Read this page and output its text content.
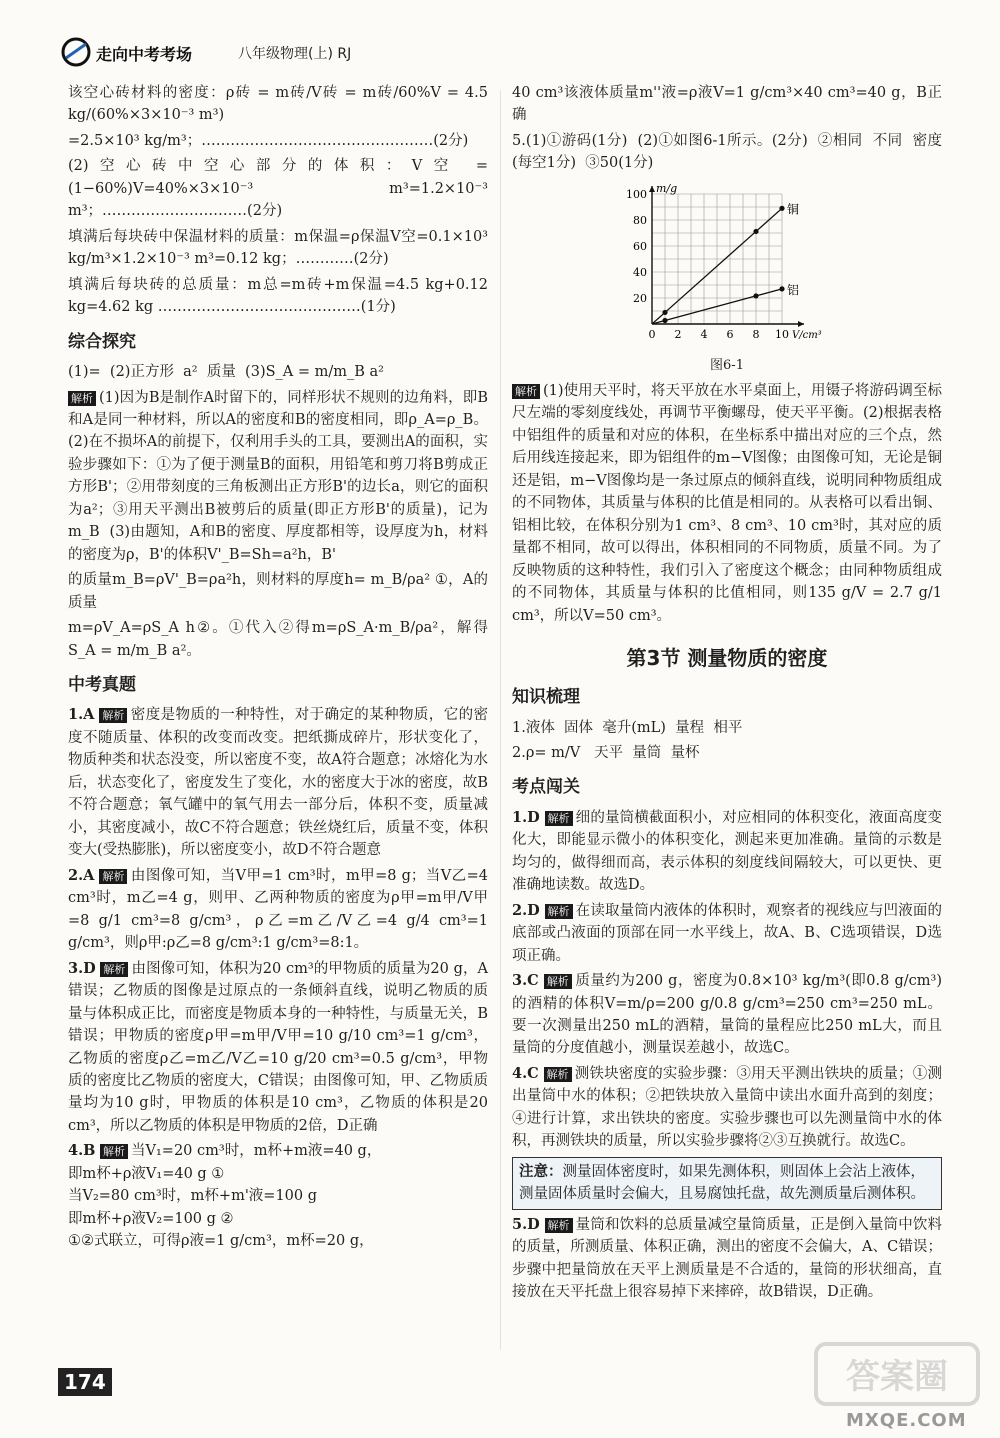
走向中考考场	八年级物理(上) RJ

该空心砖材料的密度：ρ砖 = m砖/V砖 = m砖/60%V = 4.5 kg/(60%×3×10⁻³ m³)

=2.5×10³ kg/m³；…………………………………………(2分)

(2)空心砖中空心部分的体积：V空 = (1−60%)V=40%×3×10⁻³ m³=1.2×10⁻³ m³；…………………………(2分)

填满后每块砖中保温材料的质量：m保温=ρ保温V空=0.1×10³ kg/m³×1.2×10⁻³ m³=0.12 kg；…………(2分)

填满后每块砖的总质量：m总=m砖+m保温=4.5 kg+0.12 kg=4.62 kg ……………………………………(1分)

综合探究

(1)=  (2)正方形  a²  质量  (3)S_A = m/m_B a²

解析 (1)因为B是制作A时留下的，同样形状不规则的边角料，即B和A是同一种材料，所以A的密度和B的密度相同，即ρ_A=ρ_B。(2)在不损坏A的前提下，仅利用手头的工具，要测出A的面积，实验步骤如下：①为了便于测量B的面积，用铅笔和剪刀将B剪成正方形B'；②用带刻度的三角板测出正方形B'的边长a，则它的面积为a²；③用天平测出B被剪后的质量(即正方形B'的质量)，记为m_B  (3)由题知，A和B的密度、厚度都相等，设厚度为h，材料的密度为ρ，B'的体积V'_B=Sh=a²h，B'

的质量m_B=ρV'_B=ρa²h，则材料的厚度h= m_B/ρa² ①，A的质量

m=ρV_A=ρS_A h②。①代入②得m=ρS_A·m_B/ρa²，解得S_A = m/m_B a²。

中考真题

1.A 解析 密度是物质的一种特性，对于确定的某种物质，它的密度不随质量、体积的改变而改变。把纸撕成碎片，形状变化了，物质种类和状态没变，所以密度不变，故A符合题意；冰熔化为水后，状态变化了，密度发生了变化，水的密度大于冰的密度，故B不符合题意；氧气罐中的氧气用去一部分后，体积不变，质量减小，其密度减小，故C不符合题意；铁丝烧红后，质量不变，体积变大(受热膨胀)，所以密度变小，故D不符合题意

2.A 解析 由图像可知，当V甲=1 cm³时，m甲=8 g；当V乙=4 cm³时，m乙=4 g，则甲、乙两种物质的密度为ρ甲=m甲/V甲=8 g/1 cm³=8 g/cm³，ρ乙=m乙/V乙=4 g/4 cm³=1 g/cm³，则ρ甲:ρ乙=8 g/cm³:1 g/cm³=8:1。

3.D 解析 由图像可知，体积为20 cm³的甲物质的质量为20 g，A错误；乙物质的图像是过原点的一条倾斜直线，说明乙物质的质量与体积成正比，而密度是物质本身的一种特性，与质量无关，B错误；甲物质的密度ρ甲=m甲/V甲=10 g/10 cm³=1 g/cm³，乙物质的密度ρ乙=m乙/V乙=10 g/20 cm³=0.5 g/cm³，甲物质的密度比乙物质的密度大，C错误；由图像可知，甲、乙物质质量均为10 g时，甲物质的体积是10 cm³，乙物质的体积是20 cm³，所以乙物质的体积是甲物质的2倍，D正确

4.B 解析 当V₁=20 cm³时，m杯+m液=40 g，
即m杯+ρ液V₁=40 g ①
当V₂=80 cm³时，m杯+m'液=100 g
即m杯+ρ液V₂=100 g ②
①②式联立，可得ρ液=1 g/cm³，m杯=20 g，

40 cm³该液体质量m''液=ρ液V=1 g/cm³×40 cm³=40 g，B正确

5.(1)①游码(1分)  (2)①如图6-1所示。(2分)  ②相同  不同  密度(每空1分)  ③50(1分)

0 2 4 6 8 10
20
40
60
80
100
V/cm³
m/g
铜
铝
图6-1

解析 (1)使用天平时，将天平放在水平桌面上，用镊子将游码调至标尺左端的零刻度线处，再调节平衡螺母，使天平平衡。(2)根据表格中铝组件的质量和对应的体积，在坐标系中描出对应的三个点，然后用线连接起来，即为铝组件的m−V图像；由图像可知，无论是铜还是铝，m−V图像均是一条过原点的倾斜直线，说明同种物质组成的不同物体，其质量与体积的比值是相同的。从表格可以看出铜、铝相比较，在体积分别为1 cm³、8 cm³、10 cm³时，其对应的质量都不相同，故可以得出，体积相同的不同物质，质量不同。为了反映物质的这种特性，我们引入了密度这个概念；由同种物质组成的不同物体，其质量与体积的比值相同，则135 g/V = 2.7 g/1 cm³，所以V=50 cm³。

第3节 测量物质的密度
知识梳理

1.液体  固体  毫升(mL)  量程  相平

2.ρ= m/V   天平  量筒  量杯

考点闯关

1.D 解析 细的量筒横截面积小，对应相同的体积变化，液面高度变化大，即能显示微小的体积变化，测起来更加准确。量筒的示数是均匀的，做得细而高，表示体积的刻度线间隔较大，可以更快、更准确地读数。故选D。

2.D 解析 在读取量筒内液体的体积时，观察者的视线应与凹液面的底部或凸液面的顶部在同一水平线上，故A、B、C选项错误，D选项正确。

3.C 解析 质量约为200 g，密度为0.8×10³ kg/m³(即0.8 g/cm³)的酒精的体积V=m/ρ=200 g/0.8 g/cm³=250 cm³=250 mL。要一次测量出250 mL的酒精，量筒的量程应比250 mL大，而且量筒的分度值越小，测量误差越小，故选C。

4.C 解析 测铁块密度的实验步骤：③用天平测出铁块的质量；①测出量筒中水的体积；②把铁块放入量筒中读出水面升高到的刻度；④进行计算，求出铁块的密度。实验步骤也可以先测量筒中水的体积，再测铁块的质量，所以实验步骤将②③互换就行。故选C。

注意：测量固体密度时，如果先测体积，则固体上会沾上液体，测量固体质量时会偏大，且易腐蚀托盘，故先测质量后测体积。

5.D 解析 量筒和饮料的总质量减空量筒质量，正是倒入量筒中饮料的质量，所测质量、体积正确，测出的密度不会偏大，A、C错误；步骤中把量筒放在天平上测质量是不合适的，量筒的形状细高，直接放在天平托盘上很容易掉下来摔碎，故B错误，D正确。

174	答案圈
MXQE.COM
